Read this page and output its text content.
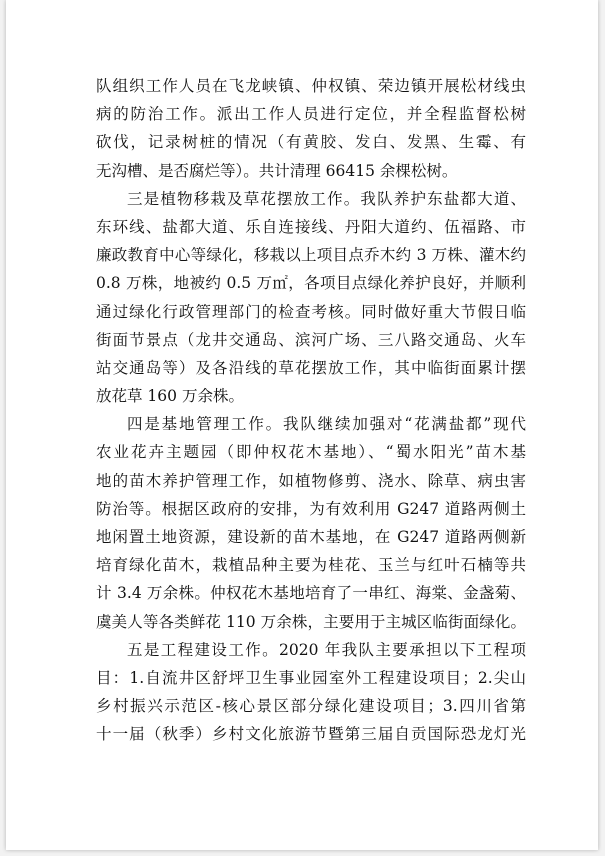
队组织工作人员在飞龙峡镇、仲权镇、荣边镇开展松材线虫
病的防治工作。派出工作人员进行定位，并全程监督松树
砍伐，记录树桩的情况（有黄胶、发白、发黑、生霉、有
无沟槽、是否腐烂等）。共计清理 66415 余棵松树。

三是植物移栽及草花摆放工作。我队养护东盐都大道、
东环线、盐都大道、乐自连接线、丹阳大道约、伍福路、市
廉政教育中心等绿化，移栽以上项目点乔木约 3 万株、灌木约
0.8 万株，地被约 0.5 万㎡，各项目点绿化养护良好，并顺利
通过绿化行政管理部门的检查考核。同时做好重大节假日临
街面节景点（龙井交通岛、滨河广场、三八路交通岛、火车
站交通岛等）及各沿线的草花摆放工作，其中临街面累计摆
放花草 160 万余株。

四是基地管理工作。我队继续加强对“花满盐都”现代
农业花卉主题园（即仲权花木基地）、“蜀水阳光”苗木基
地的苗木养护管理工作，如植物修剪、浇水、除草、病虫害
防治等。根据区政府的安排，为有效利用 G247 道路两侧土
地闲置土地资源，建设新的苗木基地，在 G247 道路两侧新
培育绿化苗木，栽植品种主要为桂花、玉兰与红叶石楠等共
计 3.4 万余株。仲权花木基地培育了一串红、海棠、金盏菊、
虞美人等各类鲜花 110 万余株，主要用于主城区临街面绿化。

五是工程建设工作。2020 年我队主要承担以下工程项
目：1.自流井区舒坪卫生事业园室外工程建设项目；2.尖山
乡村振兴示范区-核心景区部分绿化建设项目；3.四川省第
十一届（秋季）乡村文化旅游节暨第三届自贡国际恐龙灯光
